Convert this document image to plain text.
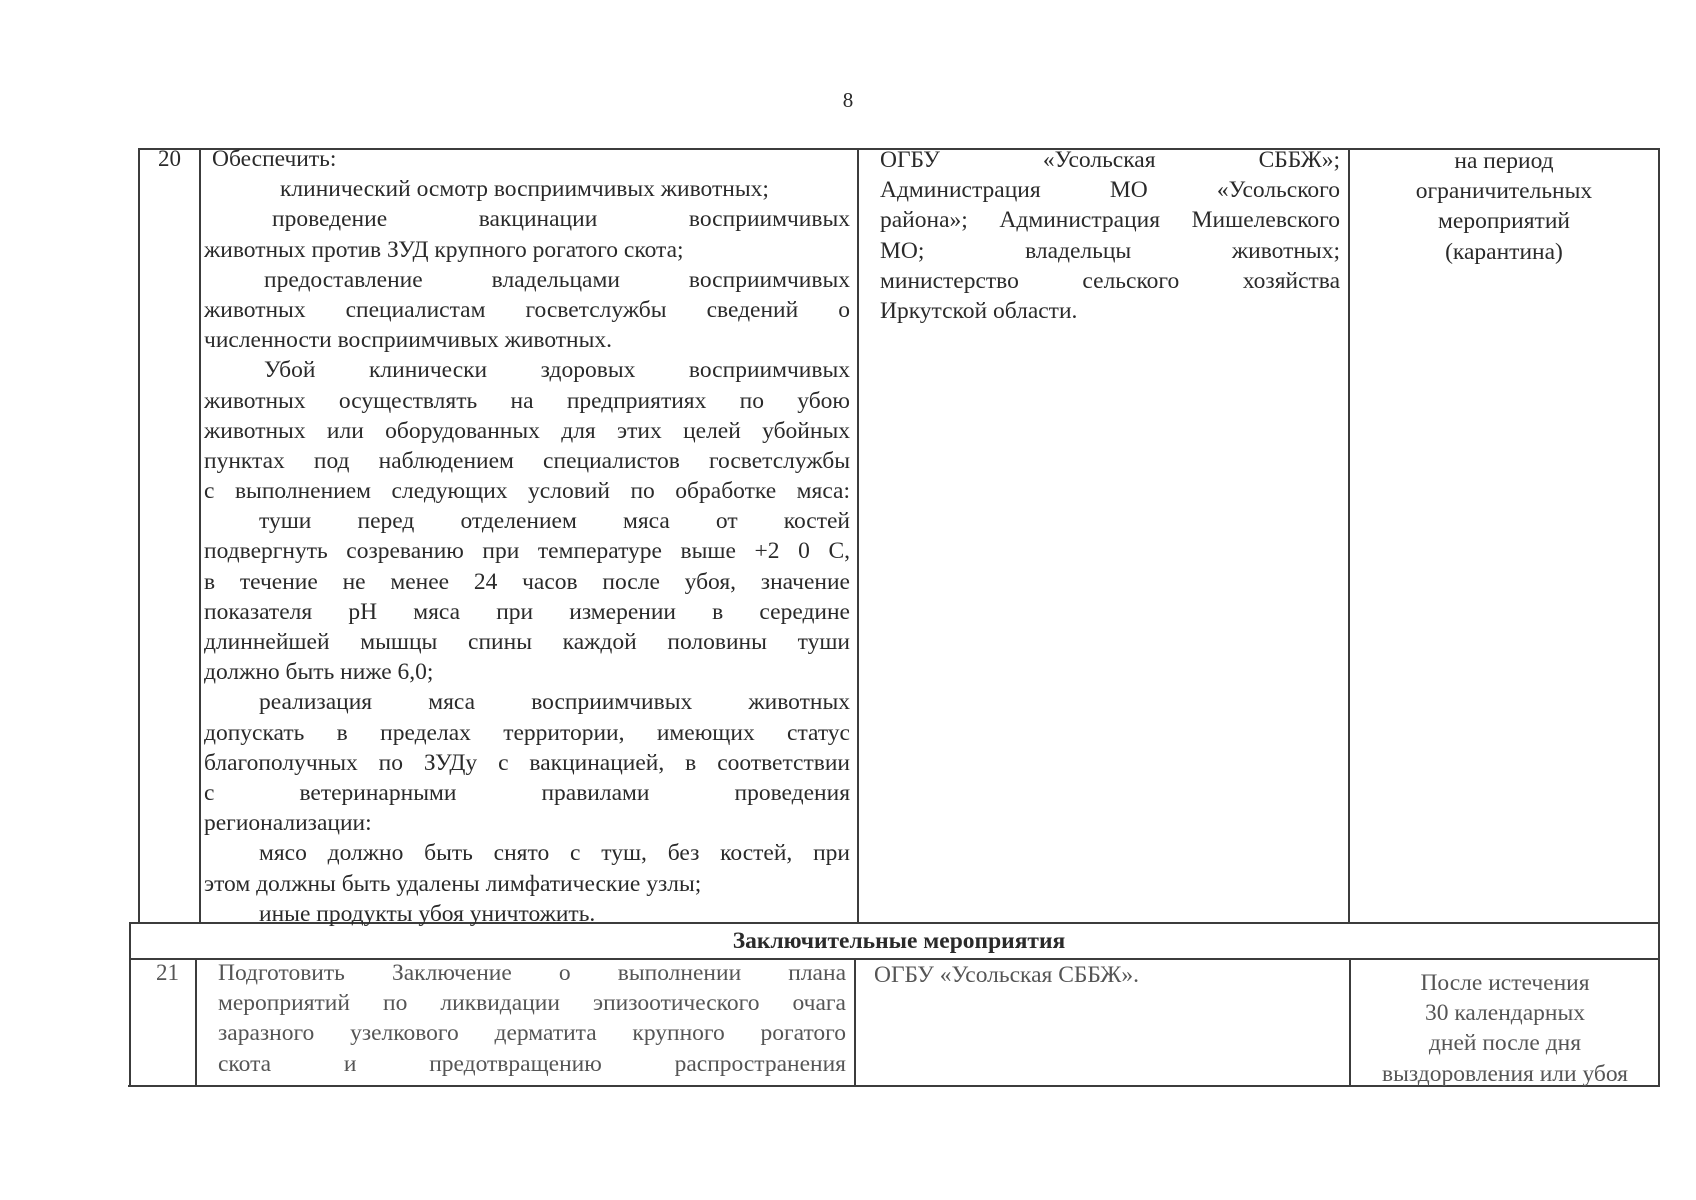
8
20	Обеспечить:
клинический осмотр восприимчивых животных;
проведение вакцинации восприимчивых
животных против ЗУД крупного рогатого скота;
предоставление владельцами восприимчивых
животных специалистам госветслужбы сведений о
численности восприимчивых животных.
Убой клинически здоровых восприимчивых
животных осуществлять на предприятиях по убою
животных или оборудованных для этих целей убойных
пунктах под наблюдением специалистов госветслужбы
с выполнением следующих условий по обработке мяса:
туши перед отделением мяса от костей
подвергнуть созреванию при температуре выше +2 0 С,
в течение не менее 24 часов после убоя, значение
показателя pH мяса при измерении в середине
длиннейшей мышцы спины каждой половины туши
должно быть ниже 6,0;
реализация мяса восприимчивых животных
допускать в пределах территории, имеющих статус
благополучных по ЗУДу с вакцинацией, в соответствии
с ветеринарными правилами проведения
регионализации:
мясо должно быть снято с туш, без костей, при
этом должны быть удалены лимфатические узлы;
иные продукты убоя уничтожить.
ОГБУ «Усольская СББЖ»;
Администрация МО «Усольского
района»; Администрация Мишелевского
МО; владельцы животных;
министерство сельского хозяйства
Иркутской области.
на период
ограничительных
мероприятий
(карантина)
Заключительные мероприятия
21 Подготовить Заключение о выполнении плана
мероприятий по ликвидации эпизоотического очага
заразного узелкового дерматита крупного рогатого
скота и предотвращению распространения
ОГБУ «Усольская СББЖ».	После истечения
30 календарных
дней после дня
выздоровления или убоя
